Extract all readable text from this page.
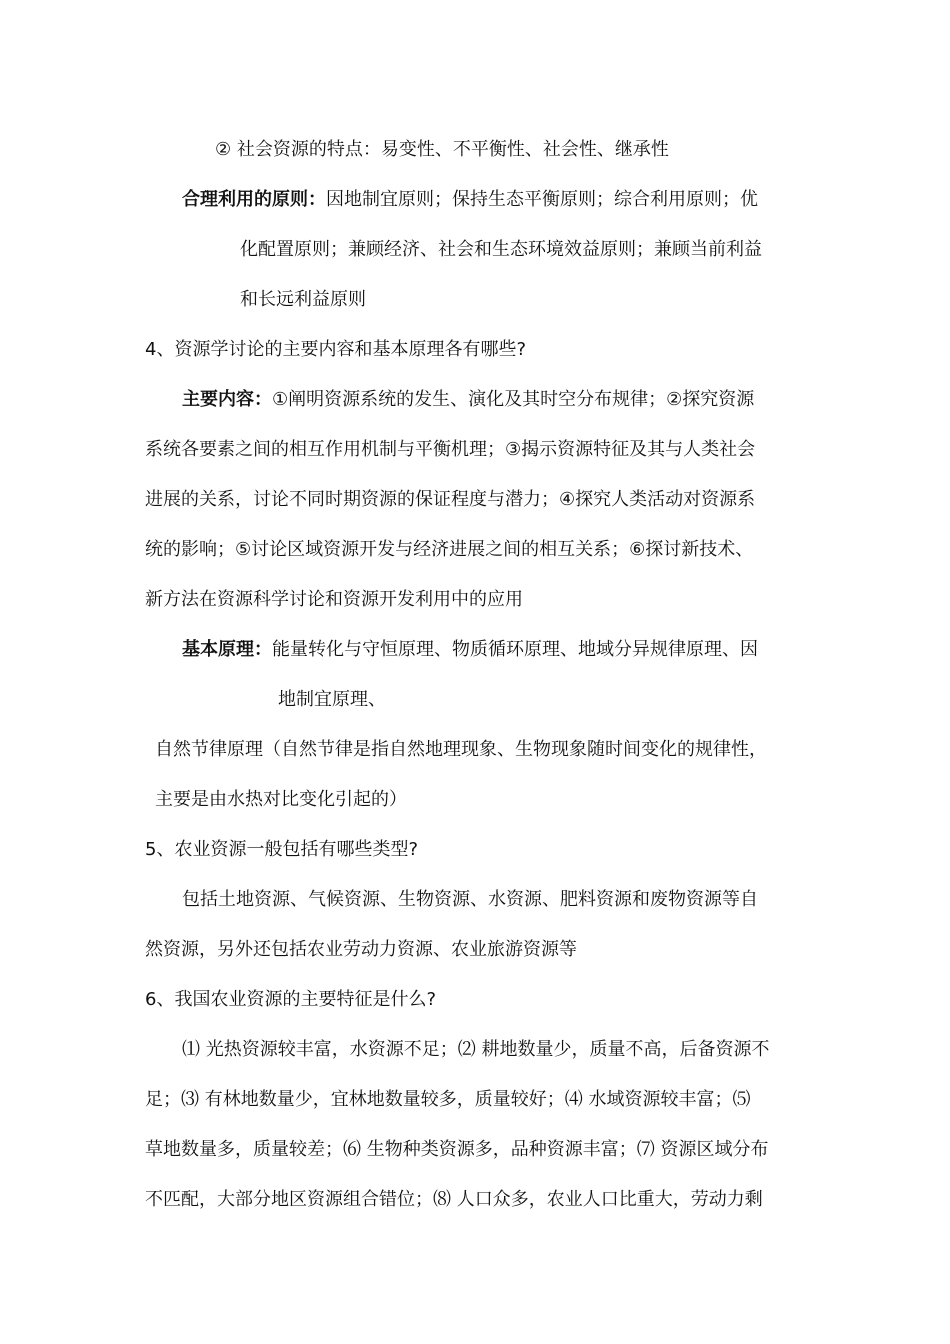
② 社会资源的特点：易变性、不平衡性、社会性、继承性

合理利用的原则：因地制宜原则；保持生态平衡原则；综合利用原则；优

化配置原则；兼顾经济、社会和生态环境效益原则；兼顾当前利益

和长远利益原则

4、资源学讨论的主要内容和基本原理各有哪些?

主要内容：①阐明资源系统的发生、演化及其时空分布规律；②探究资源

系统各要素之间的相互作用机制与平衡机理；③揭示资源特征及其与人类社会

进展的关系，讨论不同时期资源的保证程度与潜力；④探究人类活动对资源系

统的影响；⑤讨论区域资源开发与经济进展之间的相互关系；⑥探讨新技术、

新方法在资源科学讨论和资源开发利用中的应用

基本原理：能量转化与守恒原理、物质循环原理、地域分异规律原理、因

地制宜原理、

自然节律原理（自然节律是指自然地理现象、生物现象随时间变化的规律性，

主要是由水热对比变化引起的）

5、农业资源一般包括有哪些类型?

包括土地资源、气候资源、生物资源、水资源、肥料资源和废物资源等自

然资源，另外还包括农业劳动力资源、农业旅游资源等

6、我国农业资源的主要特征是什么?

⑴ 光热资源较丰富，水资源不足；⑵ 耕地数量少，质量不高，后备资源不

足；⑶ 有林地数量少，宜林地数量较多，质量较好；⑷ 水域资源较丰富；⑸

草地数量多，质量较差；⑹ 生物种类资源多，品种资源丰富；⑺ 资源区域分布

不匹配，大部分地区资源组合错位；⑻ 人口众多，农业人口比重大，劳动力剩
